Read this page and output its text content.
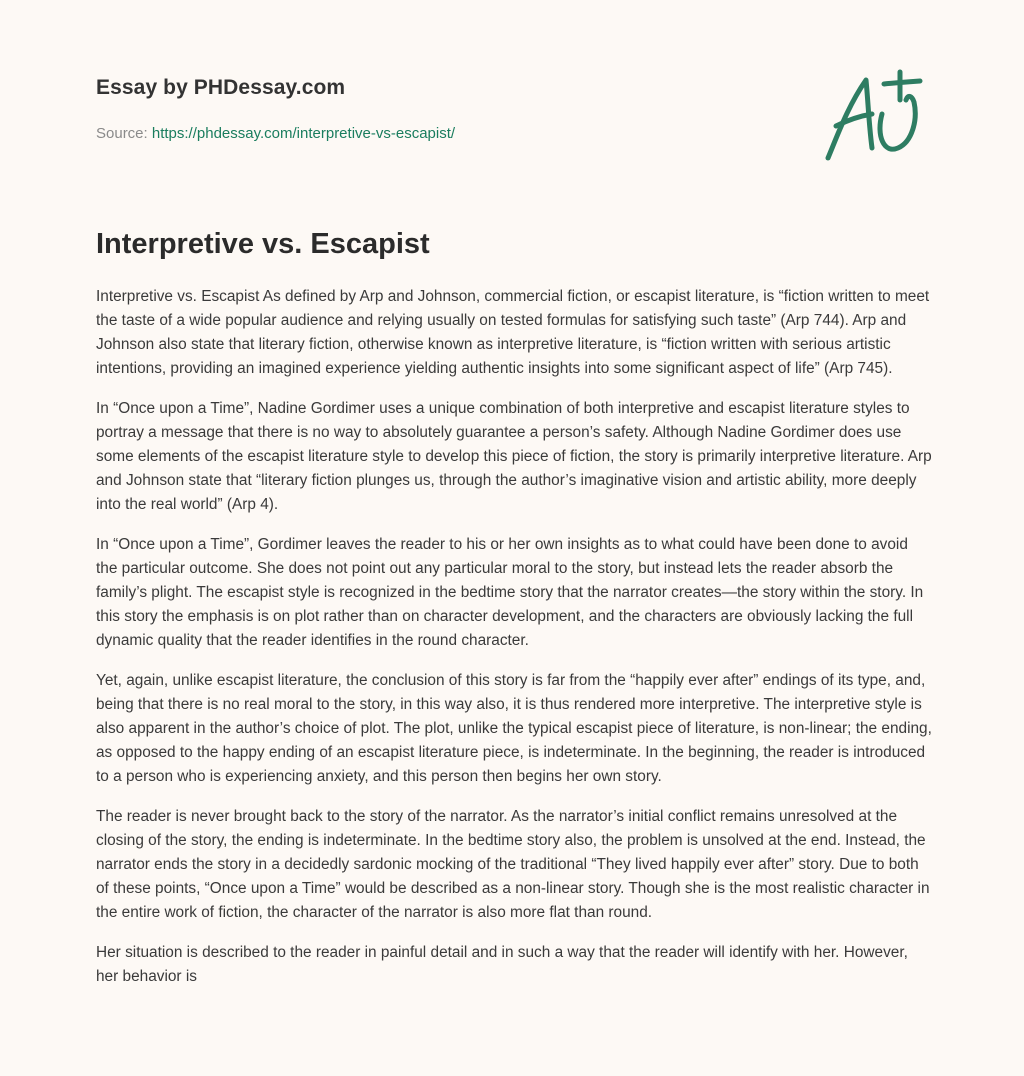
Essay by PHDessay.com
Source: https://phdessay.com/interpretive-vs-escapist/
Interpretive vs. Escapist

Interpretive vs. Escapist As defined by Arp and Johnson, commercial fiction, or escapist literature, is “fiction written to meet the taste of a wide popular audience and relying usually on tested formulas for satisfying such taste” (Arp 744). Arp and Johnson also state that literary fiction, otherwise known as interpretive literature, is “fiction written with serious artistic intentions, providing an imagined experience yielding authentic insights into some significant aspect of life” (Arp 745).

In “Once upon a Time”, Nadine Gordimer uses a unique combination of both interpretive and escapist literature styles to portray a message that there is no way to absolutely guarantee a person’s safety. Although Nadine Gordimer does use some elements of the escapist literature style to develop this piece of fiction, the story is primarily interpretive literature. Arp and Johnson state that “literary fiction plunges us, through the author’s imaginative vision and artistic ability, more deeply into the real world” (Arp 4).

In “Once upon a Time”, Gordimer leaves the reader to his or her own insights as to what could have been done to avoid the particular outcome. She does not point out any particular moral to the story, but instead lets the reader absorb the family’s plight. The escapist style is recognized in the bedtime story that the narrator creates—the story within the story. In this story the emphasis is on plot rather than on character development, and the characters are obviously lacking the full dynamic quality that the reader identifies in the round character.

Yet, again, unlike escapist literature, the conclusion of this story is far from the “happily ever after” endings of its type, and, being that there is no real moral to the story, in this way also, it is thus rendered more interpretive. The interpretive style is also apparent in the author’s choice of plot. The plot, unlike the typical escapist piece of literature, is non-linear; the ending, as opposed to the happy ending of an escapist literature piece, is indeterminate. In the beginning, the reader is introduced to a person who is experiencing anxiety, and this person then begins her own story.

The reader is never brought back to the story of the narrator. As the narrator’s initial conflict remains unresolved at the closing of the story, the ending is indeterminate. In the bedtime story also, the problem is unsolved at the end. Instead, the narrator ends the story in a decidedly sardonic mocking of the traditional “They lived happily ever after” story. Due to both of these points, “Once upon a Time” would be described as a non-linear story. Though she is the most realistic character in the entire work of fiction, the character of the narrator is also more flat than round.

Her situation is described to the reader in painful detail and in such a way that the reader will identify with her. However, her behavior is
